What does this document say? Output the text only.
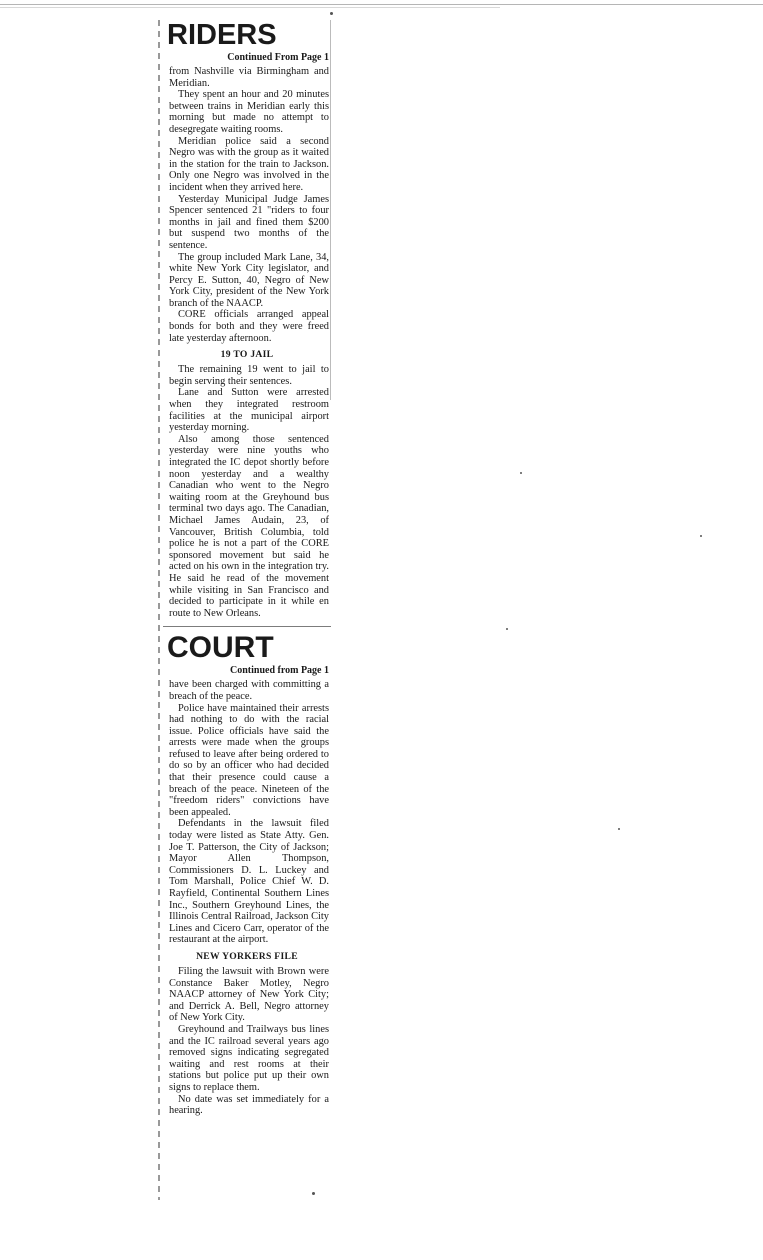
RIDERS
Continued From Page 1

from Nashville via Birmingham and Meridian.

They spent an hour and 20 minutes between trains in Meridian early this morning but made no attempt to desegregate waiting rooms.

Meridian police said a second Negro was with the group as it waited in the station for the train to Jackson. Only one Negro was involved in the incident when they arrived here.

Yesterday Municipal Judge James Spencer sentenced 21 "riders to four months in jail and fined them $200 but suspend two months of the sentence.

The group included Mark Lane, 34, white New York City legislator, and Percy E. Sutton, 40, Negro of New York City, president of the New York branch of the NAACP.

CORE officials arranged appeal bonds for both and they were freed late yesterday afternoon.

19 TO JAIL

The remaining 19 went to jail to begin serving their sentences.

Lane and Sutton were arrested when they integrated restroom facilities at the municipal airport yesterday morning.

Also among those sentenced yesterday were nine youths who integrated the IC depot shortly before noon yesterday and a wealthy Canadian who went to the Negro waiting room at the Greyhound bus terminal two days ago. The Canadian, Michael James Audain, 23, of Vancouver, British Columbia, told police he is not a part of the CORE sponsored movement but said he acted on his own in the integration try. He said he read of the movement while visiting in San Francisco and decided to participate in it while en route to New Orleans.

COURT
Continued from Page 1

have been charged with committing a breach of the peace.

Police have maintained their arrests had nothing to do with the racial issue. Police officials have said the arrests were made when the groups refused to leave after being ordered to do so by an officer who had decided that their presence could cause a breach of the peace. Nineteen of the "freedom riders" convictions have been appealed.

Defendants in the lawsuit filed today were listed as State Atty. Gen. Joe T. Patterson, the City of Jackson; Mayor Allen Thompson, Commissioners D. L. Luckey and Tom Marshall, Police Chief W. D. Rayfield, Continental Southern Lines Inc., Southern Greyhound Lines, the Illinois Central Railroad, Jackson City Lines and Cicero Carr, operator of the restaurant at the airport.

NEW YORKERS FILE

Filing the lawsuit with Brown were Constance Baker Motley, Negro NAACP attorney of New York City; and Derrick A. Bell, Negro attorney of New York City.

Greyhound and Trailways bus lines and the IC railroad several years ago removed signs indicating segregated waiting and rest rooms at their stations but police put up their own signs to replace them.

No date was set immediately for a hearing.
